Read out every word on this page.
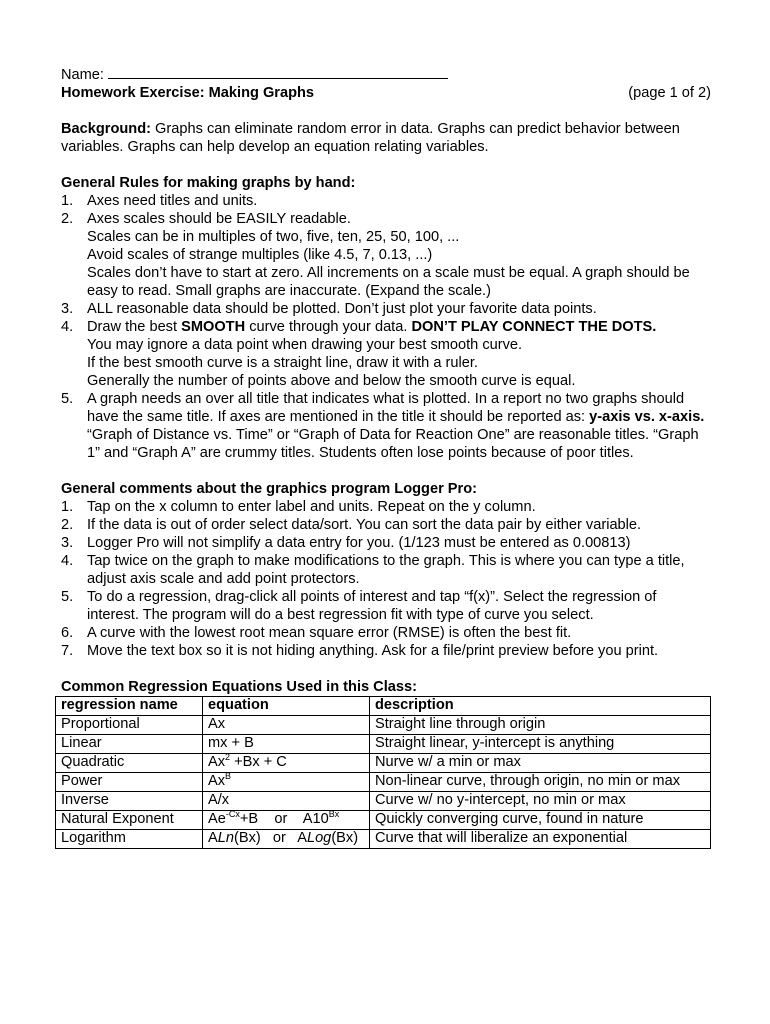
Name:
Homework Exercise: Making Graphs	(page 1 of 2)
Background: Graphs can eliminate random error in data. Graphs can predict behavior between variables. Graphs can help develop an equation relating variables.
General Rules for making graphs by hand:
1. Axes need titles and units.
2. Axes scales should be EASILY readable.
Scales can be in multiples of two, five, ten, 25, 50, 100, ...
Avoid scales of strange multiples (like 4.5, 7, 0.13, ...)
Scales don’t have to start at zero. All increments on a scale must be equal. A graph should be easy to read. Small graphs are inaccurate. (Expand the scale.)
3. ALL reasonable data should be plotted. Don’t just plot your favorite data points.
4. Draw the best SMOOTH curve through your data. DON’T PLAY CONNECT THE DOTS.
You may ignore a data point when drawing your best smooth curve.
If the best smooth curve is a straight line, draw it with a ruler.
Generally the number of points above and below the smooth curve is equal.
5. A graph needs an over all title that indicates what is plotted. In a report no two graphs should have the same title. If axes are mentioned in the title it should be reported as: y-axis vs. x-axis. “Graph of Distance vs. Time” or “Graph of Data for Reaction One” are reasonable titles. “Graph 1” and “Graph A” are crummy titles. Students often lose points because of poor titles.
General comments about the graphics program Logger Pro:
1. Tap on the x column to enter label and units. Repeat on the y column.
2. If the data is out of order select data/sort. You can sort the data pair by either variable.
3. Logger Pro will not simplify a data entry for you. (1/123 must be entered as 0.00813)
4. Tap twice on the graph to make modifications to the graph. This is where you can type a title, adjust axis scale and add point protectors.
5. To do a regression, drag-click all points of interest and tap “f(x)”. Select the regression of interest. The program will do a best regression fit with type of curve you select.
6. A curve with the lowest root mean square error (RMSE) is often the best fit.
7. Move the text box so it is not hiding anything. Ask for a file/print preview before you print.
Common Regression Equations Used in this Class:
regression name	equation	description
Proportional	Ax	Straight line through origin
Linear	mx + B	Straight linear, y-intercept is anything
Quadratic	$Ax^2 +Bx + C$	Nurve w/ a min or max
Power	$Ax^B$	Non-linear curve, through origin, no min or max
Inverse	A/x	Curve w/ no y-intercept, no min or max
Natural Exponent	$Ae^{-Cx}+B$    or    $A10^{Bx}$	Quickly converging curve, found in nature
Logarithm	ALn(Bx)   or   ALog(Bx)	Curve that will liberalize an exponential
